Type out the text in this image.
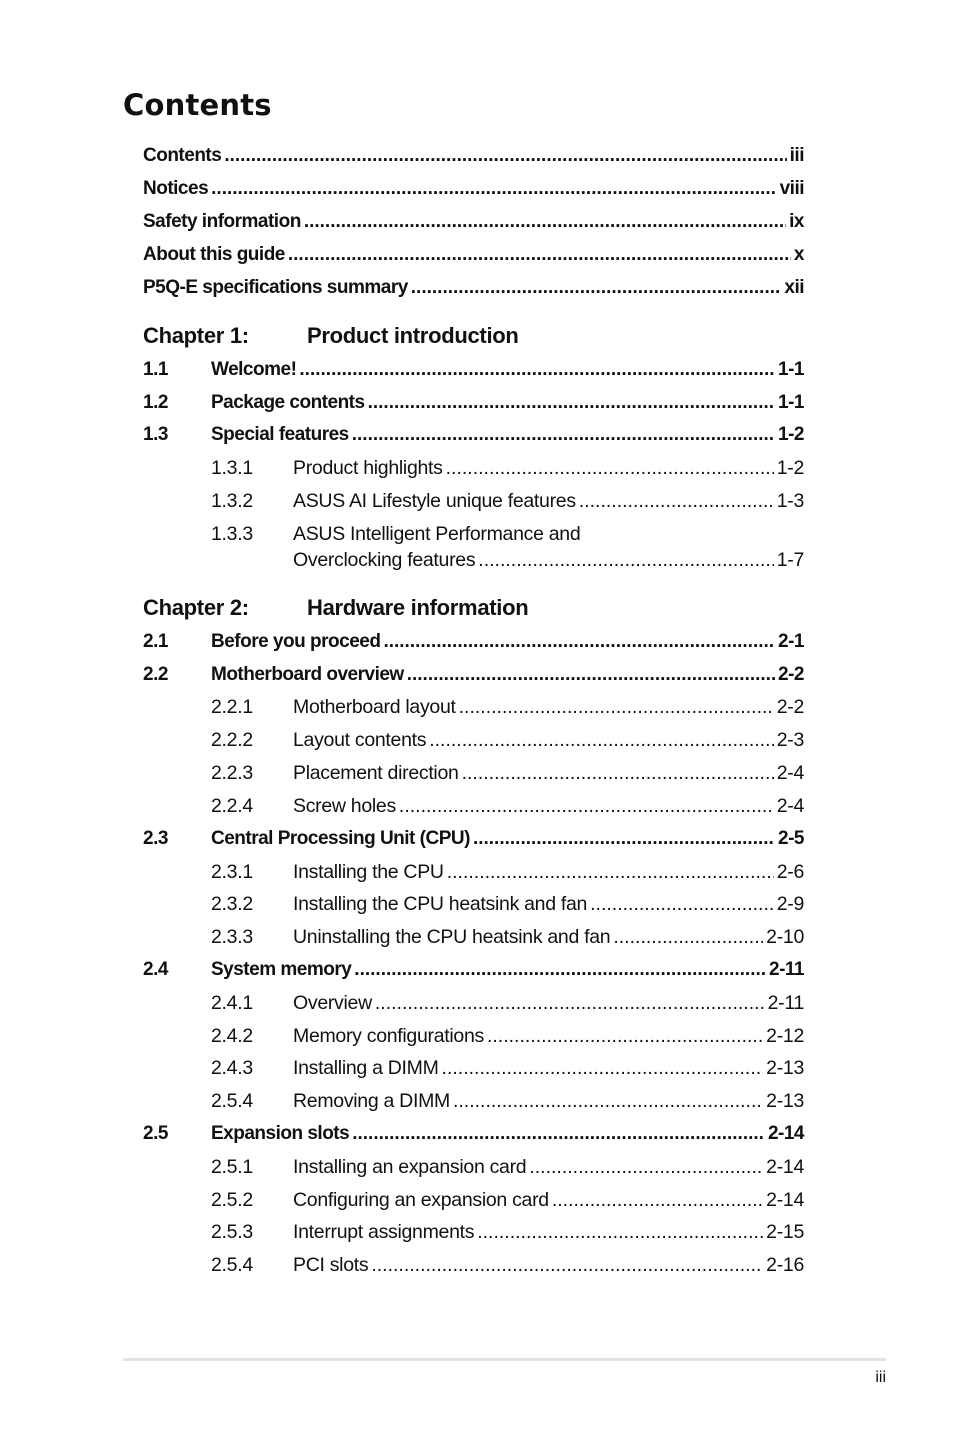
Contents
Contents .....	iii
Notices .....	viii
Safety information .....	ix
About this guide .....	x
P5Q-E specifications summary .....	xii
Chapter 1:	Product introduction
1.1	Welcome! .....	1-1
1.2	Package contents .....	1-1
1.3	Special features .....	1-2
1.3.1	Product highlights .....	1-2
1.3.2	ASUS AI Lifestyle unique features .....	1-3
1.3.3 ASUS Intelligent Performance and
Overclocking features .....	1-7
Chapter 2:	Hardware information
2.1	Before you proceed .....	2-1
2.2	Motherboard overview .....	2-2
2.2.1	Motherboard layout .....	2-2
2.2.2	Layout contents .....	2-3
2.2.3	Placement direction .....	2-4
2.2.4	Screw holes .....	2-4
2.3	Central Processing Unit (CPU) .....	2-5
2.3.1	Installing the CPU .....	2-6
2.3.2	Installing the CPU heatsink and fan .....	2-9
2.3.3	Uninstalling the CPU heatsink and fan .....	2-10
2.4	System memory .....	2-11
2.4.1	Overview .....	2-11
2.4.2	Memory configurations .....	2-12
2.4.3	Installing a DIMM .....	2-13
2.5.4	Removing a DIMM .....	2-13
2.5	Expansion slots .....	2-14
2.5.1	Installing an expansion card .....	2-14
2.5.2	Configuring an expansion card .....	2-14
2.5.3	Interrupt assignments .....	2-15
2.5.4	PCI slots .....	2-16
iii
